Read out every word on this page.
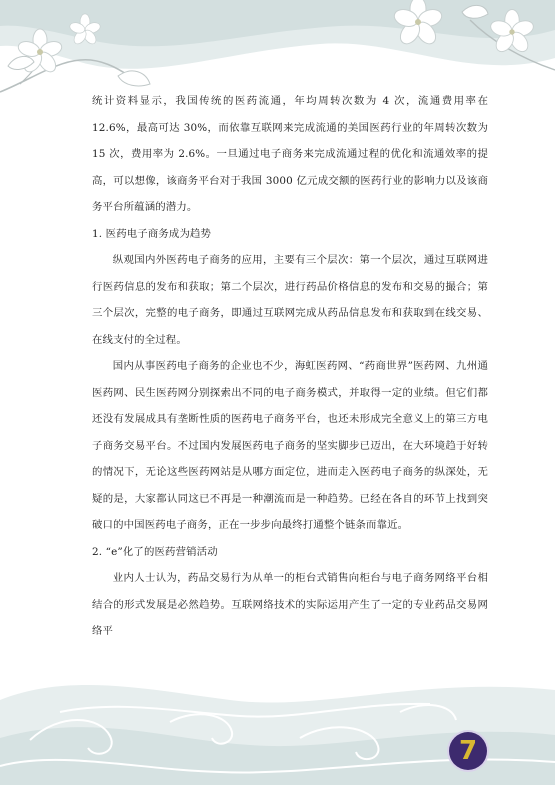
统计资料显示，我国传统的医药流通，年均周转次数为 4 次，流通费用率在 12.6%，最高可达 30%，而依靠互联网来完成流通的美国医药行业的年周转次数为 15 次，费用率为 2.6%。一旦通过电子商务来完成流通过程的优化和流通效率的提高，可以想像，该商务平台对于我国 3000 亿元成交额的医药行业的影响力以及该商务平台所蕴涵的潜力。

1. 医药电子商务成为趋势

纵观国内外医药电子商务的应用，主要有三个层次：第一个层次，通过互联网进行医药信息的发布和获取；第二个层次，进行药品价格信息的发布和交易的撮合；第三个层次，完整的电子商务，即通过互联网完成从药品信息发布和获取到在线交易、在线支付的全过程。

国内从事医药电子商务的企业也不少，海虹医药网、“药商世界”医药网、九州通医药网、民生医药网分别探索出不同的电子商务模式，并取得一定的业绩。但它们都还没有发展成具有垄断性质的医药电子商务平台，也还未形成完全意义上的第三方电子商务交易平台。不过国内发展医药电子商务的坚实脚步已迈出，在大环境趋于好转的情况下，无论这些医药网站是从哪方面定位，进而走入医药电子商务的纵深处，无疑的是，大家都认同这已不再是一种潮流而是一种趋势。已经在各自的环节上找到突破口的中国医药电子商务，正在一步步向最终打通整个链条而靠近。

2. “e”化了的医药营销活动

业内人士认为，药品交易行为从单一的柜台式销售向柜台与电子商务网络平台相结合的形式发展是必然趋势。互联网络技术的实际运用产生了一定的专业药品交易网络平

7
